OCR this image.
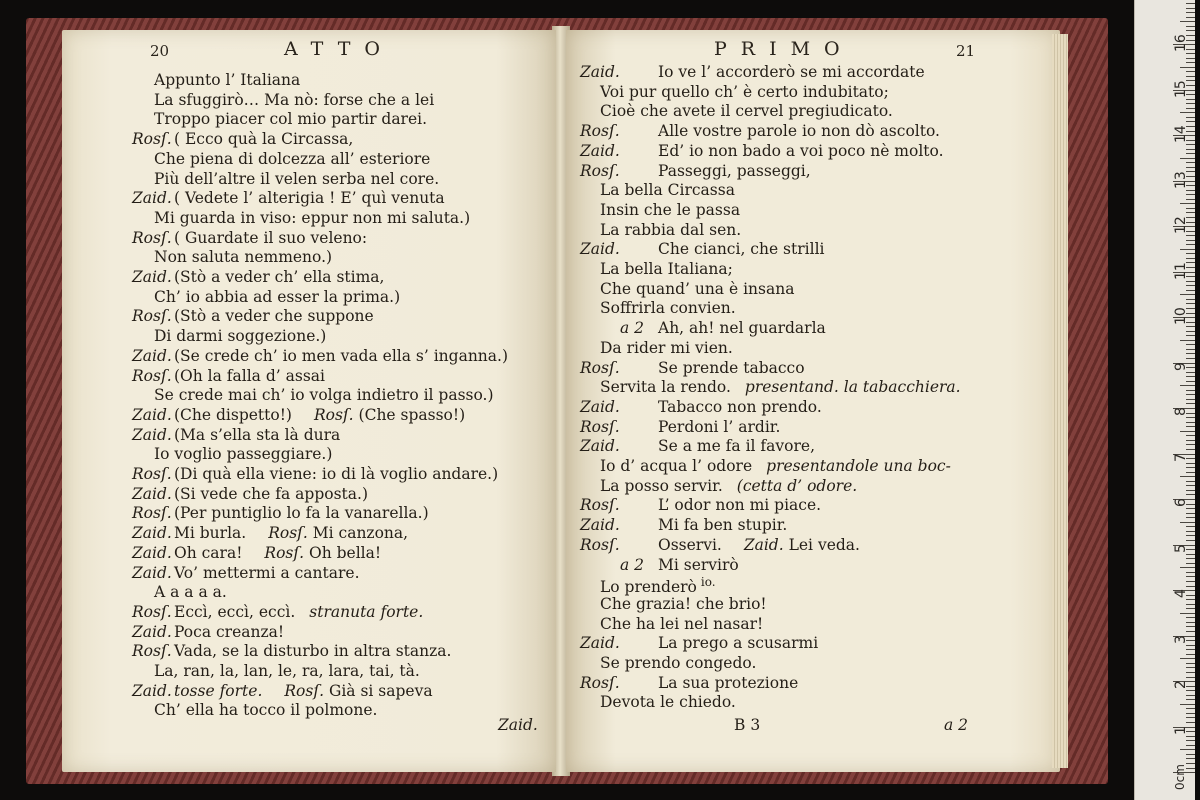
20	ATTO
Appunto l’ Italiana
La sfuggirò… Ma nò: forse che a lei
Troppo piacer col mio partir darei.
Rosſ. ( Ecco quà la Circassa,
Che piena di dolcezza all’ esteriore
Più dell’altre il velen serba nel core.
Zaid. ( Vedete l’ alterigia ! E’ quì venuta
Mi guarda in viso: eppur non mi saluta.)
Rosſ. ( Guardate il suo veleno:
Non saluta nemmeno.)
Zaid. (Stò a veder ch’ ella stima,
Ch’ io abbia ad esser la prima.)
Rosſ. (Stò a veder che suppone
Di darmi soggezione.)
Zaid. (Se crede ch’ io men vada ella s’ inganna.)
Rosſ. (Oh la falla d’ assai
Se crede mai ch’ io volga indietro il passo.)
Zaid. (Che dispetto!) Rosſ. (Che spasso!)
Zaid. (Ma s’ella sta là dura
Io voglio passeggiare.)
Rosſ. (Di quà ella viene: io di là voglio andare.)
Zaid. (Si vede che fa apposta.)
Rosſ. (Per puntiglio lo fa la vanarella.)
Zaid. Mi burla. Rosſ. Mi canzona,
Zaid. Oh cara! Rosſ. Oh bella!
Zaid. Vo’ mettermi a cantare.
A a a a a.
Rosſ. Eccì, eccì, eccì. stranuta forte.
Zaid. Poca creanza!
Rosſ. Vada, se la disturbo in altra stanza.
La, ran, la, lan, le, ra, lara, tai, tà.
Zaid. tosse forte. Rosſ. Già si sapeva
Ch’ ella ha tocco il polmone.
Zaid.
PRIMO	21
Zaid. Io ve l’ accorderò se mi accordate
Voi pur quello ch’ è certo indubitato;
Cioè che avete il cervel pregiudicato.
Rosſ. Alle vostre parole io non dò ascolto.
Zaid. Ed’ io non bado a voi poco nè molto.
Rosſ. Passeggi, passeggi,
La bella Circassa
Insin che le passa
La rabbia dal sen.
Zaid. Che cianci, che strilli
La bella Italiana;
Che quand’ una è insana
Soffrirla convien.
a 2 Ah, ah! nel guardarla
Da rider mi vien.
Rosſ. Se prende tabacco
Servita la rendo. presentand. la tabacchiera.
Zaid. Tabacco non prendo.
Rosſ. Perdoni l’ ardir.
Zaid. Se a me fa il favore,
Io d’ acqua l’ odore presentandole una boc-
La posso servir. (cetta d’ odore.
Rosſ. L’ odor non mi piace.
Zaid. Mi fa ben stupir.
Rosſ. Osservi. Zaid. Lei veda.
a 2 Mi servirò
Lo prenderò $^{io.}$
Che grazia! che brio!
Che ha lei nel nasar!
Zaid. La prego a scusarmi
Se prendo congedo.
Rosſ. La sua protezione
Devota le chiedo.
B 3	a 2
16
15
14
13
12
11
10
9
8
7
6
5
4
3
2
1
0cm
